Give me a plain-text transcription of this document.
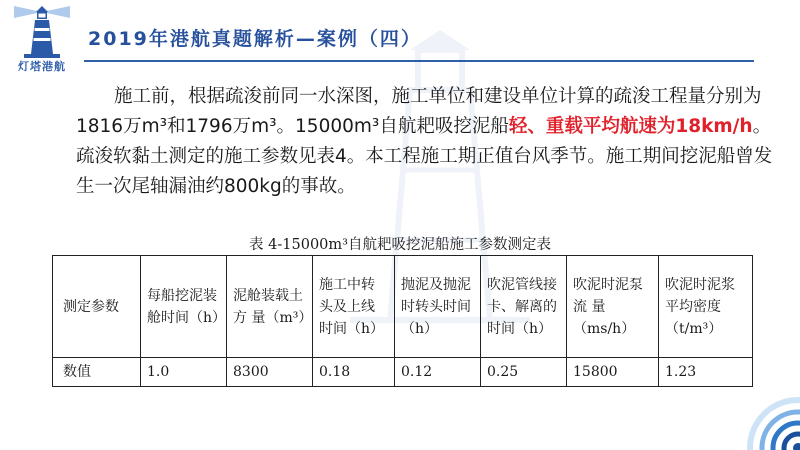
灯塔港航
2019年港航真题解析—案例（四）
施工前，根据疏浚前同一水深图，施工单位和建设单位计算的疏浚工程量分别为1816万m³和1796万m³。15000m³自航耙吸挖泥船轻、重载平均航速为18km/h。疏浚软黏土测定的施工参数见表4。本工程施工期正值台风季节。施工期间挖泥船曾发生一次尾轴漏油约800kg的事故。
表 4-15000m³自航耙吸挖泥船施工参数测定表
测定参数	每船挖泥装舱时间（h）	泥舱装载土 方 量（m³）	施工中转头及上线时间（h）	抛泥及抛泥时转头时间（h）	吹泥管线接卡、解离的时间（h）	吹泥时泥泵 流 量（ms/h）	吹泥时泥浆平均密度（t/m³）
数值	1.0	8300	0.18	0.12	0.25	15800	1.23
